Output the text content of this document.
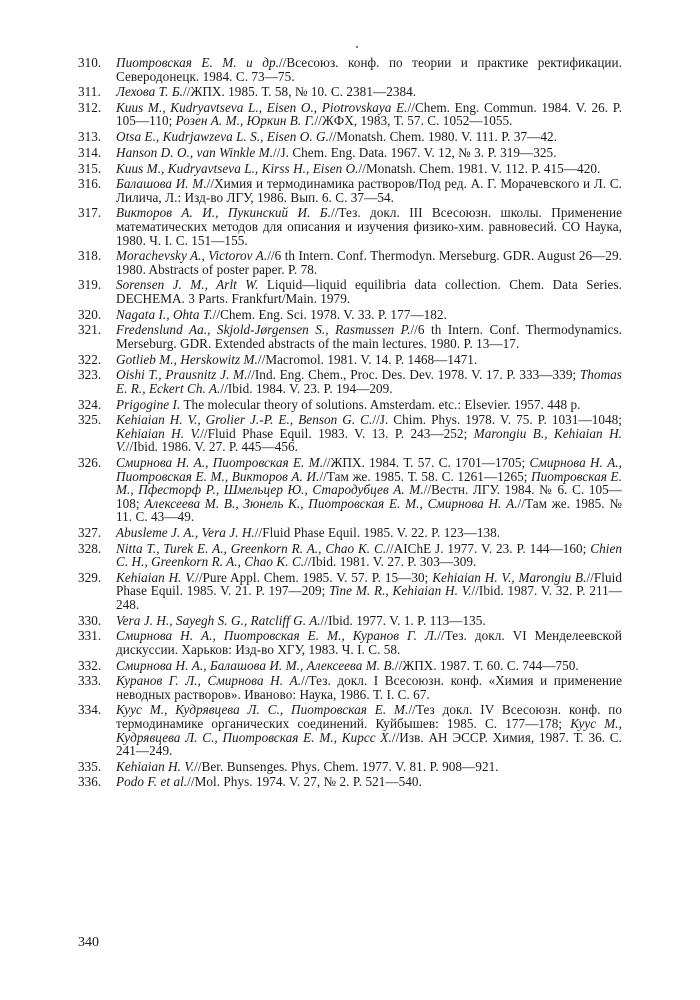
310.	Пиотровская Е. М. и др.//Всесоюз. конф. по теории и практике ректификации. Северодонецк. 1984. С. 73—75.
311.	Лехова Т. Б.//ЖПХ. 1985. Т. 58, № 10. С. 2381—2384.
312.	Kuus M., Kudryavtseva L., Eisen O., Piotrovskaya E.//Chem. Eng. Commun. 1984. V. 26. P. 105—110; Розен А. М., Юркин В. Г.//ЖФХ, 1983, Т. 57. С. 1052—1055.
313.	Otsa E., Kudrjawzeva L. S., Eisen O. G.//Monatsh. Chem. 1980. V. 111. P. 37—42.
314.	Hanson D. O., van Winkle M.//J. Chem. Eng. Data. 1967. V. 12, № 3. P. 319—325.
315.	Kuus M., Kudryavtseva L., Kirss H., Eisen O.//Monatsh. Chem. 1981. V. 112. P. 415—420.
316.	Балашова И. М.//Химия и термодинамика растворов/Под ред. А. Г. Морачевского и Л. С. Лилича, Л.: Изд-во ЛГУ, 1986. Вып. 6. С. 37—54.
317.	Викторов А. И., Пукинский И. Б.//Тез. докл. III Всесоюзн. школы. Применение математических методов для описания и изучения физико-хим. равновесий. СО Наука, 1980. Ч. I. С. 151—155.
318.	Morachevsky A., Victorov A.//6 th Intern. Conf. Thermodyn. Merseburg. GDR. August 26—29. 1980. Abstracts of poster paper. P. 78.
319.	Sorensen J. M., Arlt W. Liquid—liquid equilibria data collection. Chem. Data Series. DECHEMA. 3 Parts. Frankfurt/Main. 1979.
320.	Nagata I., Ohta T.//Chem. Eng. Sci. 1978. V. 33. P. 177—182.
321.	Fredenslund Aa., Skjold-Jørgensen S., Rasmussen P.//6 th Intern. Conf. Thermodynamics. Merseburg. GDR. Extended abstracts of the main lectures. 1980. P. 13—17.
322.	Gotlieb M., Herskowitz M.//Macromol. 1981. V. 14. P. 1468—1471.
323.	Oishi T., Prausnitz J. M.//Ind. Eng. Chem., Proc. Des. Dev. 1978. V. 17. P. 333—339; Thomas E. R., Eckert Ch. A.//Ibid. 1984. V. 23. P. 194—209.
324.	Prigogine I. The molecular theory of solutions. Amsterdam. etc.: Elsevier. 1957. 448 p.
325.	Kehiaian H. V., Grolier J.-P. E., Benson G. C.//J. Chim. Phys. 1978. V. 75. P. 1031—1048; Kehiaian H. V.//Fluid Phase Equil. 1983. V. 13. P. 243—252; Marongiu B., Kehiaian H. V.//Ibid. 1986. V. 27. P. 445—456.
326.	Смирнова Н. А., Пиотровская Е. М.//ЖПХ. 1984. Т. 57. С. 1701—1705; Смирнова Н. А., Пиотровская Е. М., Викторов А. И.//Там же. 1985. Т. 58. С. 1261—1265; Пиотровская Е. М., Пфесторф Р., Шмельцер Ю., Стародубцев А. М.//Вестн. ЛГУ. 1984. № 6. С. 105—108; Алексеева М. В., Зюнель К., Пиотровская Е. М., Смирнова Н. А.//Там же. 1985. № 11. С. 43—49.
327.	Abusleme J. A., Vera J. H.//Fluid Phase Equil. 1985. V. 22. P. 123—138.
328.	Nitta T., Turek E. A., Greenkorn R. A., Chao K. C.//AIChE J. 1977. V. 23. P. 144—160; Chien C. H., Greenkorn R. A., Chao K. C.//Ibid. 1981. V. 27. P. 303—309.
329.	Kehiaian H. V.//Pure Appl. Chem. 1985. V. 57. P. 15—30; Kehiaian H. V., Marongiu B.//Fluid Phase Equil. 1985. V. 21. P. 197—209; Tine M. R., Kehiaian H. V.//Ibid. 1987. V. 32. P. 211—248.
330.	Vera J. H., Sayegh S. G., Ratcliff G. A.//Ibid. 1977. V. 1. P. 113—135.
331.	Смирнова Н. А., Пиотровская Е. М., Куранов Г. Л.//Тез. докл. VI Менделеевской дискуссии. Харьков: Изд-во ХГУ, 1983. Ч. I. С. 58.
332.	Смирнова Н. А., Балашова И. М., Алексеева М. В.//ЖПХ. 1987. Т. 60. С. 744—750.
333.	Куранов Г. Л., Смирнова Н. А.//Тез. докл. I Всесоюзн. конф. «Химия и применение неводных растворов». Иваново: Наука, 1986. Т. I. С. 67.
334.	Куус М., Кудрявцева Л. С., Пиотровская Е. М.//Тез докл. IV Всесоюзн. конф. по термодинамике органических соединений. Куйбышев: 1985. С. 177—178; Куус М., Кудрявцева Л. С., Пиотровская Е. М., Кирсс Х.//Изв. АН ЭССР. Химия, 1987. Т. 36. С. 241—249.
335.	Kehiaian H. V.//Ber. Bunsenges. Phys. Chem. 1977. V. 81. P. 908—921.
336.	Podo F. et al.//Mol. Phys. 1974. V. 27, № 2. P. 521—540.
340
